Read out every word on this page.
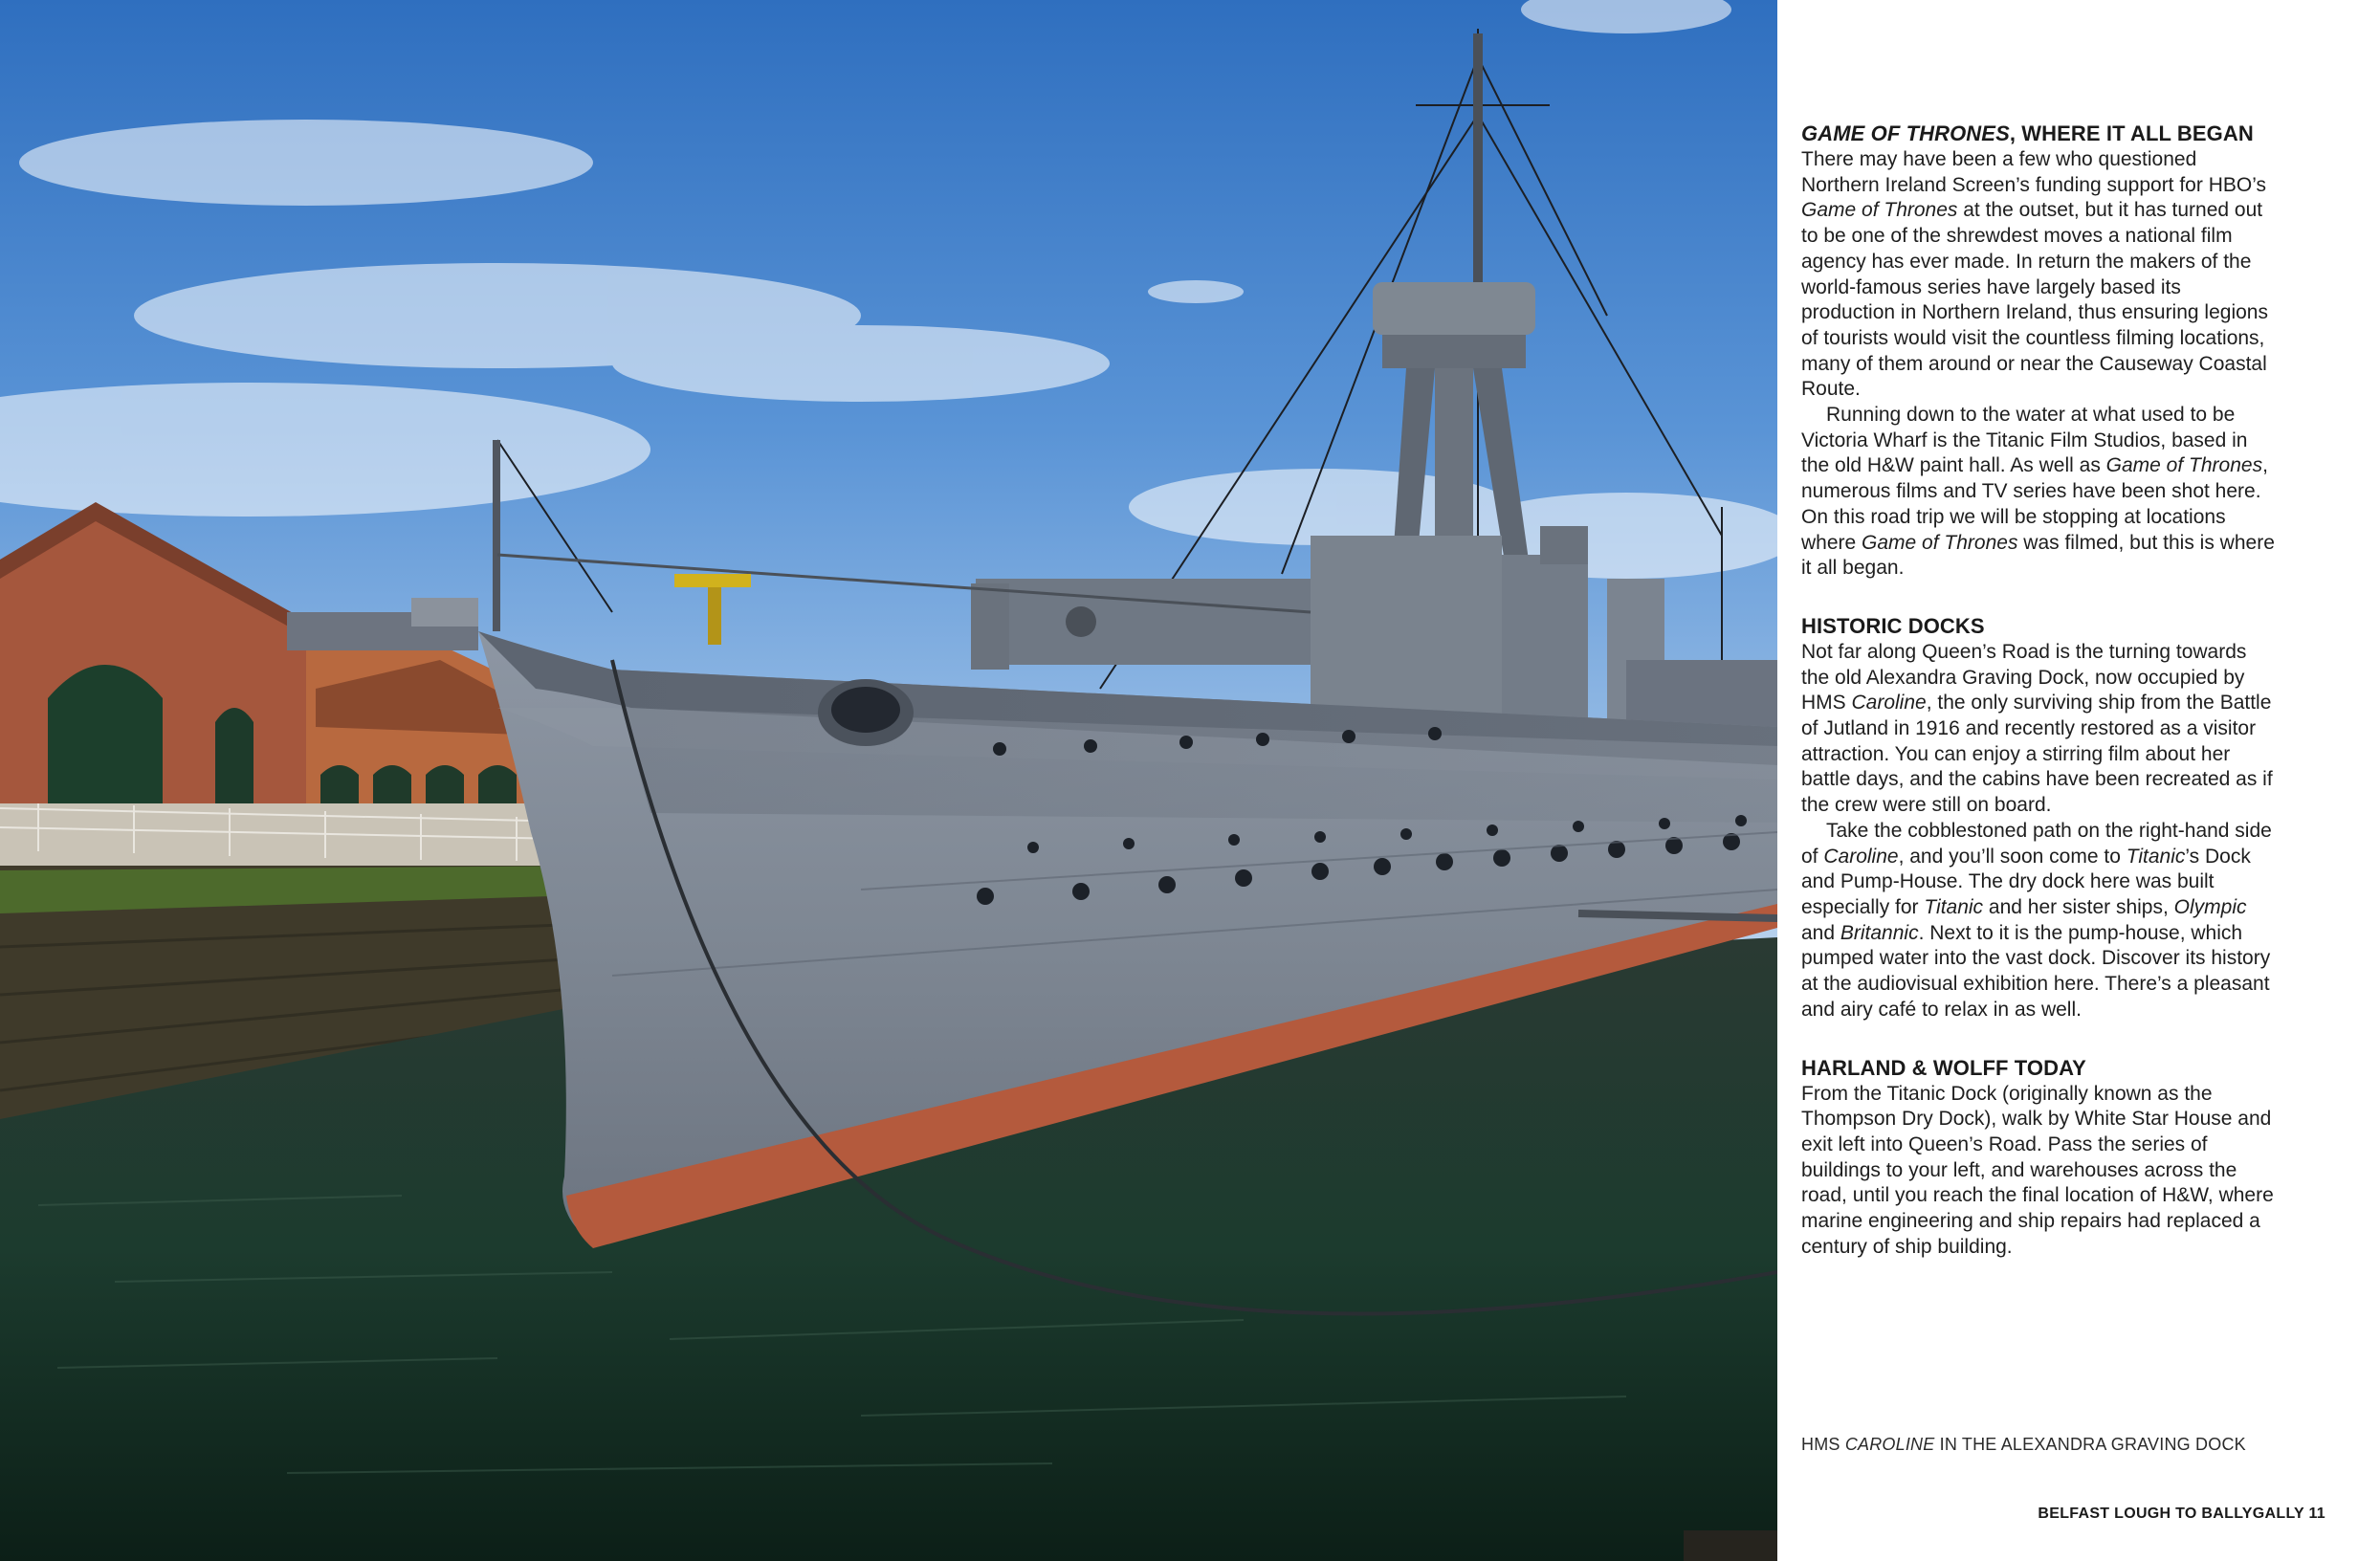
GAME OF THRONES, WHERE IT ALL BEGAN

There may have been a few who questioned Northern Ireland Screen’s funding support for HBO’s Game of Thrones at the outset, but it has turned out to be one of the shrewdest moves a national film agency has ever made. In return the makers of the world-famous series have largely based its production in Northern Ireland, thus ensuring legions of tourists would visit the countless filming locations, many of them around or near the Causeway Coastal Route.

Running down to the water at what used to be Victoria Wharf is the Titanic Film Studios, based in the old H&W paint hall. As well as Game of Thrones, numerous films and TV series have been shot here. On this road trip we will be stopping at locations where Game of Thrones was filmed, but this is where it all began.

HISTORIC DOCKS

Not far along Queen’s Road is the turning towards the old Alexandra Graving Dock, now occupied by HMS Caroline, the only surviving ship from the Battle of Jutland in 1916 and recently restored as a visitor attraction. You can enjoy a stirring film about her battle days, and the cabins have been recreated as if the crew were still on board.

Take the cobblestoned path on the right-hand side of Caroline, and you’ll soon come to Titanic’s Dock and Pump-House. The dry dock here was built especially for Titanic and her sister ships, Olympic and Britannic. Next to it is the pump-house, which pumped water into the vast dock. Discover its history at the audiovisual exhibition here. There’s a pleasant and airy café to relax in as well.

HARLAND & WOLFF TODAY

From the Titanic Dock (originally known as the Thompson Dry Dock), walk by White Star House and exit left into Queen’s Road. Pass the series of buildings to your left, and warehouses across the road, until you reach the final location of H&W, where marine engineering and ship repairs had replaced a century of ship building.

HMS CAROLINE IN THE ALEXANDRA GRAVING DOCK
BELFAST LOUGH TO BALLYGALLY 11
